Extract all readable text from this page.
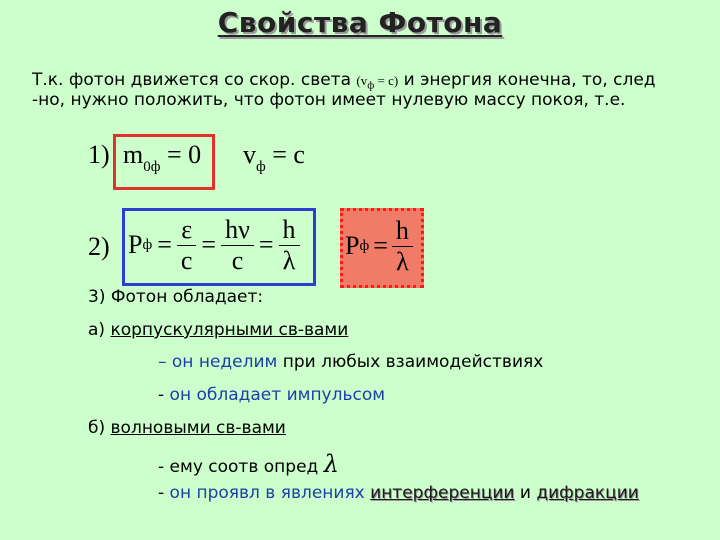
Свойства Фотона
Т.к. фотон движется со скор. света $(v_ф = c)$ и энергия конечна, то, след
-но, нужно положить, что фотон имеет нулевую массу покоя, т.е.
1) $m_{0ф} = 0$ $v_ф = c$
2) P $ф = \frac{\varepsilon}{c} = \frac{h\nu}{c} = \frac{h}{\lambda}$ P $ф = \frac{h}{\lambda}$
3) Фотон обладает:
а) корпускулярными св-вами
– он неделим при любых взаимодействиях
- он обладает импульсом
б) волновыми св-вами
- ему соотв опред λ
- он проявл в явлениях интерференции и дифракции
